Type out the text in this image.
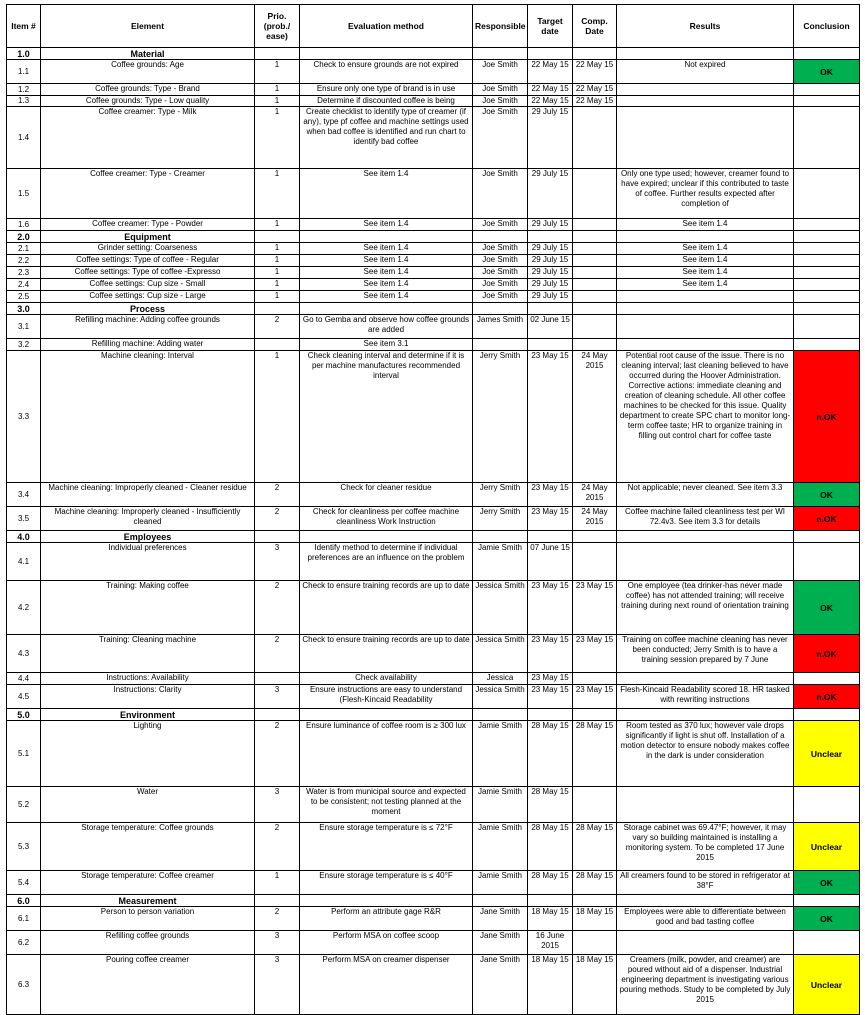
Item #	Element	Prio. (prob./ ease)	Evaluation method	Responsible	Target date	Comp. Date	Results	Conclusion
1.0	Material							
1.1	Coffee grounds: Age	1	Check to ensure grounds are not expired	Joe Smith	22 May 15	22 May 15	Not expired	OK
1.2	Coffee grounds: Type - Brand	1	Ensure only one type of brand is in use	Joe Smith	22 May 15	22 May 15		
1.3	Coffee grounds: Type - Low quality	1	Determine if discounted coffee is being	Joe Smith	22 May 15	22 May 15		
1.4	Coffee creamer: Type - Milk	1	Create checklist to identify type of creamer (if any), type pf coffee and machine settings used when bad coffee is identified and run chart to identify bad coffee	Joe Smith	29 July 15			
1.5	Coffee creamer: Type - Creamer	1	See item 1.4	Joe Smith	29 July 15		Only one type used; however, creamer found to have expired; unclear if this contributed to taste of coffee. Further results expected after completion of	
1.6	Coffee creamer: Type - Powder	1	See item 1.4	Joe Smith	29 July 15		See item 1.4	
2.0	Equipment							
2.1	Grinder setting: Coarseness	1	See item 1.4	Joe Smith	29 July 15		See item 1.4	
2.2	Coffee settings: Type of coffee - Regular	1	See item 1.4	Joe Smith	29 July 15		See item 1.4	
2.3	Coffee settings: Type of coffee -Expresso	1	See item 1.4	Joe Smith	29 July 15		See item 1.4	
2.4	Coffee settings: Cup size - Small	1	See item 1.4	Joe Smith	29 July 15		See item 1.4	
2.5	Coffee settings: Cup size - Large	1	See item 1.4	Joe Smith	29 July 15			
3.0	Process							
3.1	Refilling machine: Adding coffee grounds	2	Go to Gemba and observe how coffee grounds are added	James Smith	02 June 15			
3.2	Refilling machine: Adding water		See item 3.1					
3.3	Machine cleaning: Interval	1	Check cleaning interval and determine if it is per machine manufactures recommended interval	Jerry Smith	23 May 15	24 May 2015	Potential root cause of the issue. There is no cleaning interval; last cleaning believed to have occurred during the Hoover Administration. Corrective actions: immediate cleaning and creation of cleaning schedule. All other coffee machines to be checked for this issue. Quality department to create SPC chart to monitor long-term coffee taste; HR to organize training in filling out control chart for coffee taste	n.OK
3.4	Machine cleaning: Improperly cleaned - Cleaner residue	2	Check for cleaner residue	Jerry Smith	23 May 15	24 May 2015	Not applicable; never cleaned. See item 3.3	OK
3.5	Machine cleaning: Improperly cleaned - Insufficiently cleaned	2	Check for cleanliness per coffee machine cleanliness Work Instruction	Jerry Smith	23 May 15	24 May 2015	Coffee machine failed cleanliness test per WI 72.4v3. See item 3.3 for details	n.OK
4.0	Employees							
4.1	Individual preferences	3	Identify method to determine if individual preferences are an influence on the problem	Jamie Smith	07 June 15			
4.2	Training: Making coffee	2	Check to ensure training records are up to date	Jessica Smith	23 May 15	23 May 15	One employee (tea drinker-has never made coffee) has not attended training; will receive training during next round of orientation training	OK
4.3	Training: Cleaning machine	2	Check to ensure training records are up to date	Jessica Smith	23 May 15	23 May 15	Training on coffee machine cleaning has never been conducted; Jerry Smith is to have a training session prepared by 7 June	n.OK
4.4	Instructions: Availability		Check availability	Jessica	23 May 15			
4.5	Instructions: Clarity	3	Ensure instructions are easy to understand (Flesh-Kincaid Readability	Jessica Smith	23 May 15	23 May 15	Flesh-Kincaid Readability scored 18. HR tasked with rewriting instructions	n.OK
5.0	Environment							
5.1	Lighting	2	Ensure luminance of coffee room is ≥ 300 lux	Jamie Smith	28 May 15	28 May 15	Room tested as 370 lux; however vale drops significantly if light is shut off. Installation of a motion detector to ensure nobody makes coffee in the dark is under consideration	Unclear
5.2	Water	3	Water is from municipal source and expected to be consistent; not testing planned at the moment	Jamie Smith	28 May 15			
5.3	Storage temperature: Coffee grounds	2	Ensure storage temperature is ≤ 72°F	Jamie Smith	28 May 15	28 May 15	Storage cabinet was 69.47°F; however, it may vary so building maintained is installing a monitoring system. To be completed 17 June 2015	Unclear
5.4	Storage temperature: Coffee creamer	1	Ensure storage temperature is ≤ 40°F	Jamie Smith	28 May 15	28 May 15	All creamers found to be stored in refrigerator at 38°F	OK
6.0	Measurement							
6.1	Person to person variation	2	Perform an attribute gage R&R	Jane Smith	18 May 15	18 May 15	Employees were able to differentiate between good and bad tasting coffee	OK
6.2	Refilling coffee grounds	3	Perform MSA on coffee scoop	Jane Smith	16 June 2015			
6.3	Pouring coffee creamer	3	Perform MSA on creamer dispenser	Jane Smith	18 May 15	18 May 15	Creamers (milk, powder, and creamer) are poured without aid of a dispenser. Industrial engineering department is investigating various pouring methods. Study to be completed by July 2015	Unclear
